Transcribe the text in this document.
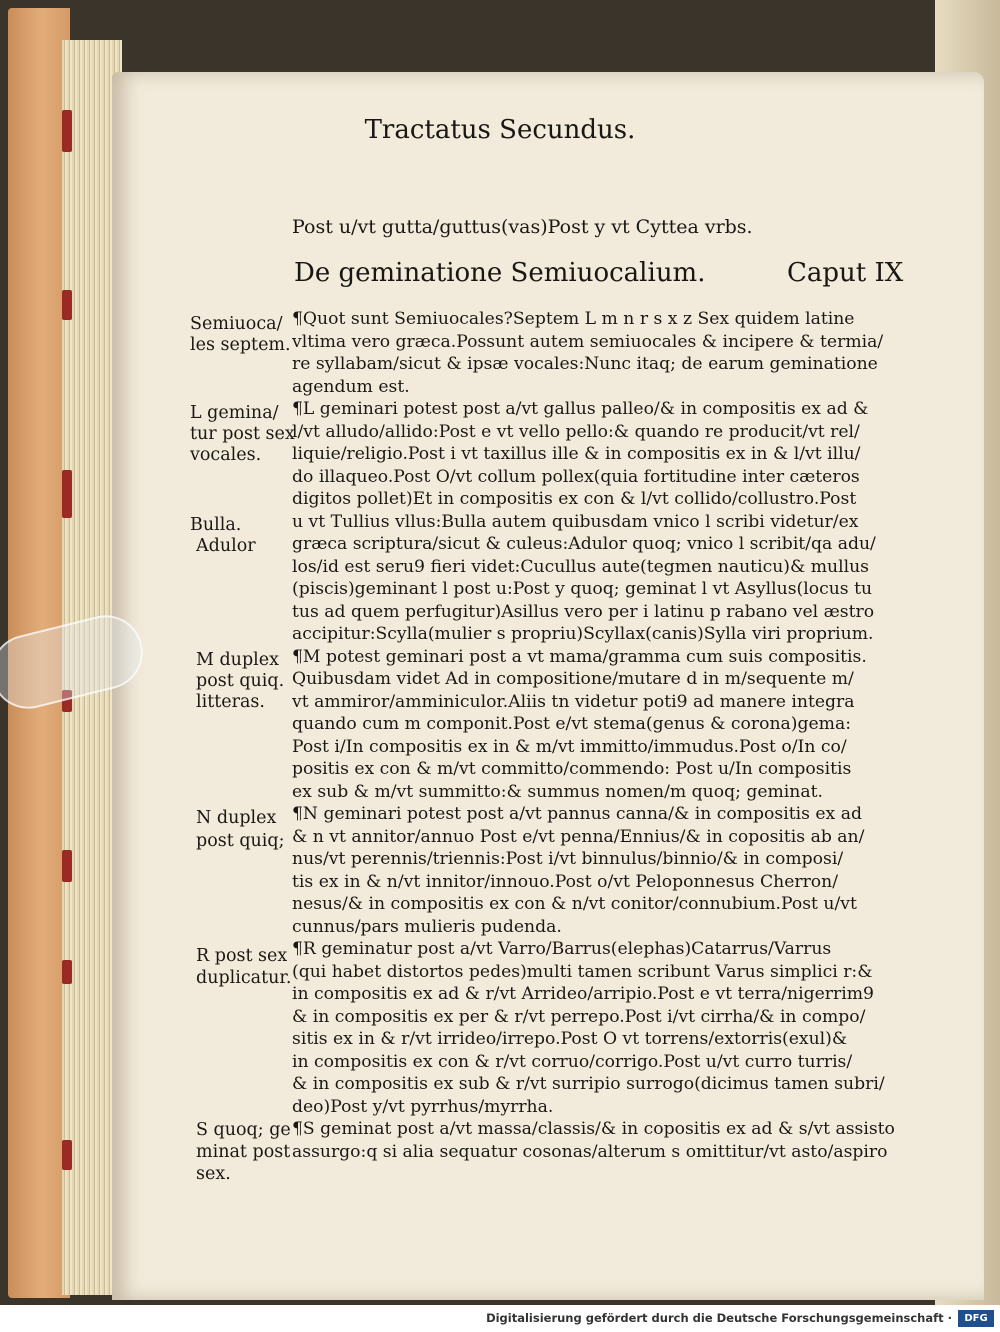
Tractatus Secundus.
Post u/vt gutta/guttus(vas)Post y vt Cyttea vrbs.
De geminatione Semiuocalium.	Caput IX
¶Quot sunt Semiuocales?Septem L m n r s x z Sex quidem latine
vltima vero græca.Possunt autem semiuocales & incipere & termia/
re syllabam/sicut & ipsæ vocales:Nunc itaq; de earum geminatione
agendum est.
¶L geminari potest post a/vt gallus palleo/& in compositis ex ad &
l/vt alludo/allido:Post e vt vello pello:& quando re producit/vt rel/
liquie/religio.Post i vt taxillus ille & in compositis ex in & l/vt illu/
do illaqueo.Post O/vt collum pollex(quia fortitudine inter cæteros
digitos pollet)Et in compositis ex con & l/vt collido/collustro.Post
u vt Tullius vllus:Bulla autem quibusdam vnico l scribi videtur/ex
græca scriptura/sicut & culeus:Adulor quoq; vnico l scribit/qa adu/
los/id est seru9 fieri videt:Cucullus aute(tegmen nauticu)& mullus
(piscis)geminant l post u:Post y quoq; geminat l vt Asyllus(locus tu
tus ad quem perfugitur)Asillus vero per i latinu p rabano vel æstro
accipitur:Scylla(mulier s propriu)Scyllax(canis)Sylla viri proprium.
¶M potest geminari post a vt mama/gramma cum suis compositis.
Quibusdam videt Ad in compositione/mutare d in m/sequente m/
vt ammiror/amminiculor.Aliis tn videtur poti9 ad manere integra
quando cum m componit.Post e/vt stema(genus & corona)gema:
Post i/In compositis ex in & m/vt immitto/immudus.Post o/In co/
positis ex con & m/vt committo/commendo: Post u/In compositis
ex sub & m/vt summitto:& summus nomen/m quoq; geminat.
¶N geminari potest post a/vt pannus canna/& in compositis ex ad
& n vt annitor/annuo Post e/vt penna/Ennius/& in copositis ab an/
nus/vt perennis/triennis:Post i/vt binnulus/binnio/& in composi/
tis ex in & n/vt innitor/innouo.Post o/vt Peloponnesus Cherron/
nesus/& in compositis ex con & n/vt conitor/connubium.Post u/vt
cunnus/pars mulieris pudenda.
¶R geminatur post a/vt Varro/Barrus(elephas)Catarrus/Varrus
(qui habet distortos pedes)multi tamen scribunt Varus simplici r:&
in compositis ex ad & r/vt Arrideo/arripio.Post e vt terra/nigerrim9
& in compositis ex per & r/vt perrepo.Post i/vt cirrha/& in compo/
sitis ex in & r/vt irrideo/irrepo.Post O vt torrens/extorris(exul)&
in compositis ex con & r/vt corruo/corrigo.Post u/vt curro turris/
& in compositis ex sub & r/vt surripio surrogo(dicimus tamen subri/
deo)Post y/vt pyrrhus/myrrha.
¶S geminat post a/vt massa/classis/& in copositis ex ad & s/vt assisto
assurgo:q si alia sequatur cosonas/alterum s omittitur/vt asto/aspiro
Semiuoca/
les septem.
L gemina/
tur post sex
vocales.
Bulla.
Adulor
M duplex
post quiq.
litteras.
N duplex
post quiq;
R post sex
duplicatur.
S quoq; ge
minat post
sex.
Digitalisierung gefördert durch die Deutsche Forschungsgemeinschaft ·	DFG
